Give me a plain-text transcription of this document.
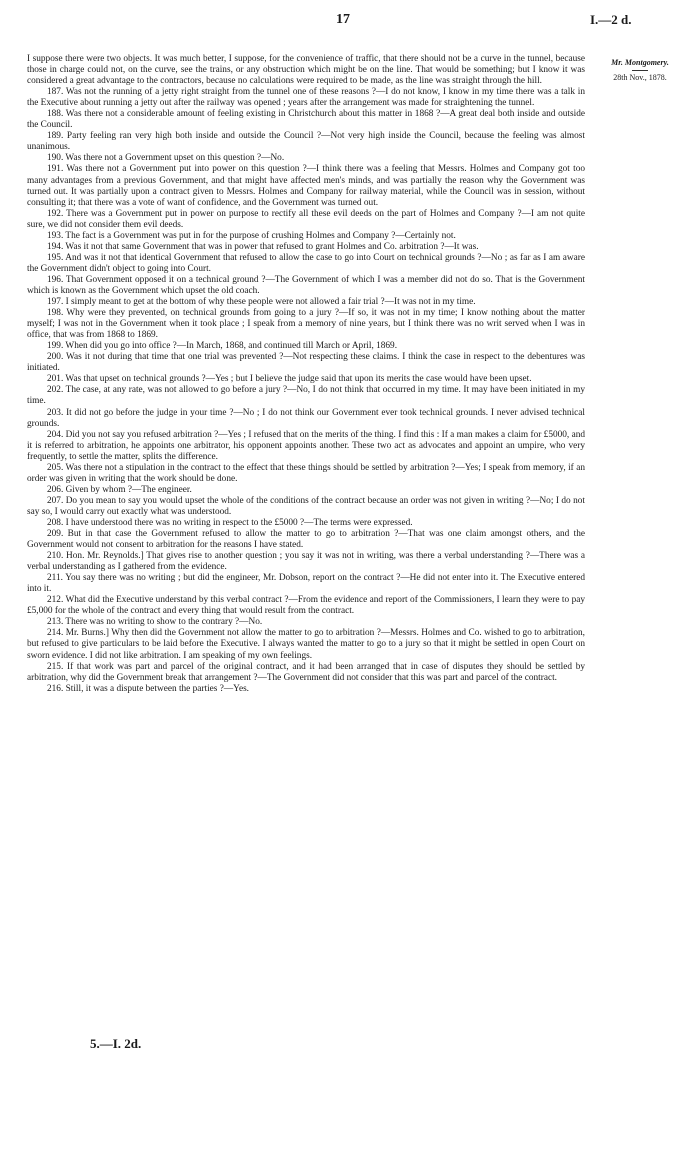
17	I.—2 d.
Mr. Montgomery.
28th Nov., 1878.

I suppose there were two objects. It was much better, I suppose, for the convenience of traffic, that there should not be a curve in the tunnel, because those in charge could not, on the curve, see the trains, or any obstruction which might be on the line. That would be something; but I know it was considered a great advantage to the contractors, because no calculations were required to be made, as the line was straight through the hill.

187. Was not the running of a jetty right straight from the tunnel one of these reasons ?—I do not know, I know in my time there was a talk in the Executive about running a jetty out after the railway was opened ; years after the arrangement was made for straightening the tunnel.

188. Was there not a considerable amount of feeling existing in Christchurch about this matter in 1868 ?—A great deal both inside and outside the Council.

189. Party feeling ran very high both inside and outside the Council ?—Not very high inside the Council, because the feeling was almost unanimous.

190. Was there not a Government upset on this question ?—No.

191. Was there not a Government put into power on this question ?—I think there was a feeling that Messrs. Holmes and Company got too many advantages from a previous Government, and that might have affected men's minds, and was partially the reason why the Government was turned out. It was partially upon a contract given to Messrs. Holmes and Company for railway material, while the Council was in session, without consulting it; that there was a vote of want of confidence, and the Government was turned out.

192. There was a Government put in power on purpose to rectify all these evil deeds on the part of Holmes and Company ?—I am not quite sure, we did not consider them evil deeds.

193. The fact is a Government was put in for the purpose of crushing Holmes and Company ?—Certainly not.

194. Was it not that same Government that was in power that refused to grant Holmes and Co. arbitration ?—It was.

195. And was it not that identical Government that refused to allow the case to go into Court on technical grounds ?—No ; as far as I am aware the Government didn't object to going into Court.

196. That Government opposed it on a technical ground ?—The Government of which I was a member did not do so. That is the Government which is known as the Government which upset the old coach.

197. I simply meant to get at the bottom of why these people were not allowed a fair trial ?—It was not in my time.

198. Why were they prevented, on technical grounds from going to a jury ?—If so, it was not in my time; I know nothing about the matter myself; I was not in the Government when it took place ; I speak from a memory of nine years, but I think there was no writ served when I was in office, that was from 1868 to 1869.

199. When did you go into office ?—In March, 1868, and continued till March or April, 1869.

200. Was it not during that time that one trial was prevented ?—Not respecting these claims. I think the case in respect to the debentures was initiated.

201. Was that upset on technical grounds ?—Yes ; but I believe the judge said that upon its merits the case would have been upset.

202. The case, at any rate, was not allowed to go before a jury ?—No, I do not think that occurred in my time. It may have been initiated in my time.

203. It did not go before the judge in your time ?—No ; I do not think our Government ever took technical grounds. I never advised technical grounds.

204. Did you not say you refused arbitration ?—Yes ; I refused that on the merits of the thing. I find this : If a man makes a claim for £5000, and it is referred to arbitration, he appoints one arbitrator, his opponent appoints another. These two act as advocates and appoint an umpire, who very frequently, to settle the matter, splits the difference.

205. Was there not a stipulation in the contract to the effect that these things should be settled by arbitration ?—Yes; I speak from memory, if an order was given in writing that the work should be done.

206. Given by whom ?—The engineer.

207. Do you mean to say you would upset the whole of the conditions of the contract because an order was not given in writing ?—No; I do not say so, I would carry out exactly what was understood.

208. I have understood there was no writing in respect to the £5000 ?—The terms were expressed.

209. But in that case the Government refused to allow the matter to go to arbitration ?—That was one claim amongst others, and the Government would not consent to arbitration for the reasons I have stated.

210. Hon. Mr. Reynolds.] That gives rise to another question ; you say it was not in writing, was there a verbal understanding ?—There was a verbal understanding as I gathered from the evidence.

211. You say there was no writing ; but did the engineer, Mr. Dobson, report on the contract ?—He did not enter into it. The Executive entered into it.

212. What did the Executive understand by this verbal contract ?—From the evidence and report of the Commissioners, I learn they were to pay £5,000 for the whole of the contract and every thing that would result from the contract.

213. There was no writing to show to the contrary ?—No.

214. Mr. Burns.] Why then did the Government not allow the matter to go to arbitration ?—Messrs. Holmes and Co. wished to go to arbitration, but refused to give particulars to be laid before the Executive. I always wanted the matter to go to a jury so that it might be settled in open Court on sworn evidence. I did not like arbitration. I am speaking of my own feelings.

215. If that work was part and parcel of the original contract, and it had been arranged that in case of disputes they should be settled by arbitration, why did the Government break that arrangement ?—The Government did not consider that this was part and parcel of the contract.

216. Still, it was a dispute between the parties ?—Yes.

5.—I. 2d.
